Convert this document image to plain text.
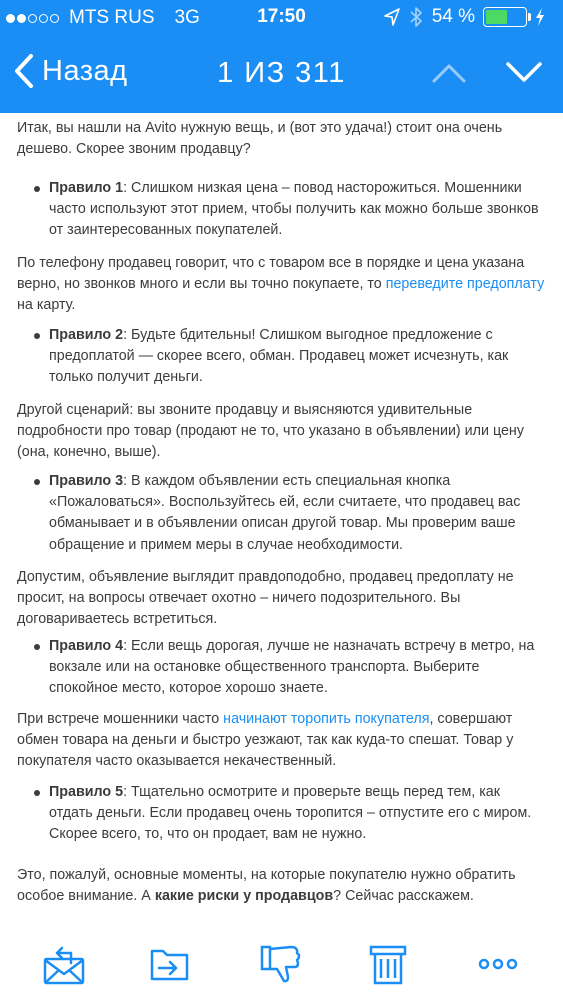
MTS RUS 3G	17:50	54 %
Назад	1 ИЗ 311
Итак, вы нашли на Avito нужную вещь, и (вот это удача!) стоит она очень дешево. Скорее звоним продавцу?
Правило 1: Слишком низкая цена – повод насторожиться. Мошенники часто используют этот прием, чтобы получить как можно больше звонков от заинтересованных покупателей.
По телефону продавец говорит, что с товаром все в порядке и цена указана верно, но звонков много и если вы точно покупаете, то переведите предоплату на карту.
Правило 2: Будьте бдительны! Слишком выгодное предложение с предоплатой — скорее всего, обман. Продавец может исчезнуть, как только получит деньги.
Другой сценарий: вы звоните продавцу и выясняются удивительные подробности про товар (продают не то, что указано в объявлении) или цену (она, конечно, выше).
Правило 3: В каждом объявлении есть специальная кнопка «Пожаловаться». Воспользуйтесь ей, если считаете, что продавец вас обманывает и в объявлении описан другой товар. Мы проверим ваше обращение и примем меры в случае необходимости.
Допустим, объявление выглядит правдоподобно, продавец предоплату не просит, на вопросы отвечает охотно – ничего подозрительного. Вы договариваетесь встретиться.
Правило 4: Если вещь дорогая, лучше не назначать встречу в метро, на вокзале или на остановке общественного транспорта. Выберите спокойное место, которое хорошо знаете.
При встрече мошенники часто начинают торопить покупателя, совершают обмен товара на деньги и быстро уезжают, так как куда-то спешат. Товар у покупателя часто оказывается некачественный.
Правило 5: Тщательно осмотрите и проверьте вещь перед тем, как отдать деньги. Если продавец очень торопится – отпустите его с миром. Скорее всего, то, что он продает, вам не нужно.
Это, пожалуй, основные моменты, на которые покупателю нужно обратить особое внимание. А какие риски у продавцов? Сейчас расскажем.
